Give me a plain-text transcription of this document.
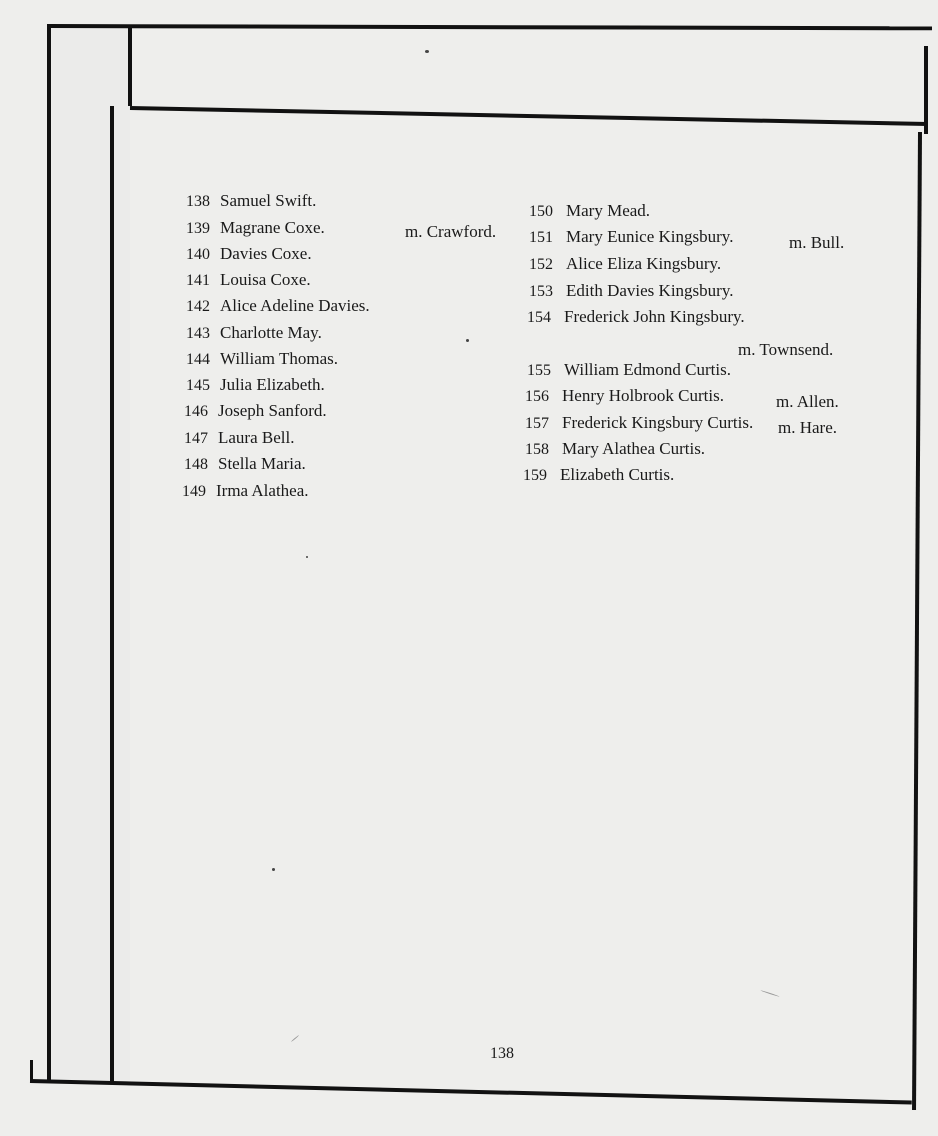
138 Samuel Swift.
139 Magrane Coxe.	m. Crawford.
140 Davies Coxe.
141 Louisa Coxe.
142 Alice Adeline Davies.
143 Charlotte May.
144 William Thomas.
145 Julia Elizabeth.
146 Joseph Sanford.
147 Laura Bell.
148 Stella Maria.
149 Irma Alathea.
150 Mary Mead.
151 Mary Eunice Kingsbury.	m. Bull.
152 Alice Eliza Kingsbury.
153 Edith Davies Kingsbury.
154 Frederick John Kingsbury.
m. Townsend.
155 William Edmond Curtis.
156 Henry Holbrook Curtis.	m. Allen.
157 Frederick Kingsbury Curtis. m. Hare.
158 Mary Alathea Curtis.
159 Elizabeth Curtis.
138
